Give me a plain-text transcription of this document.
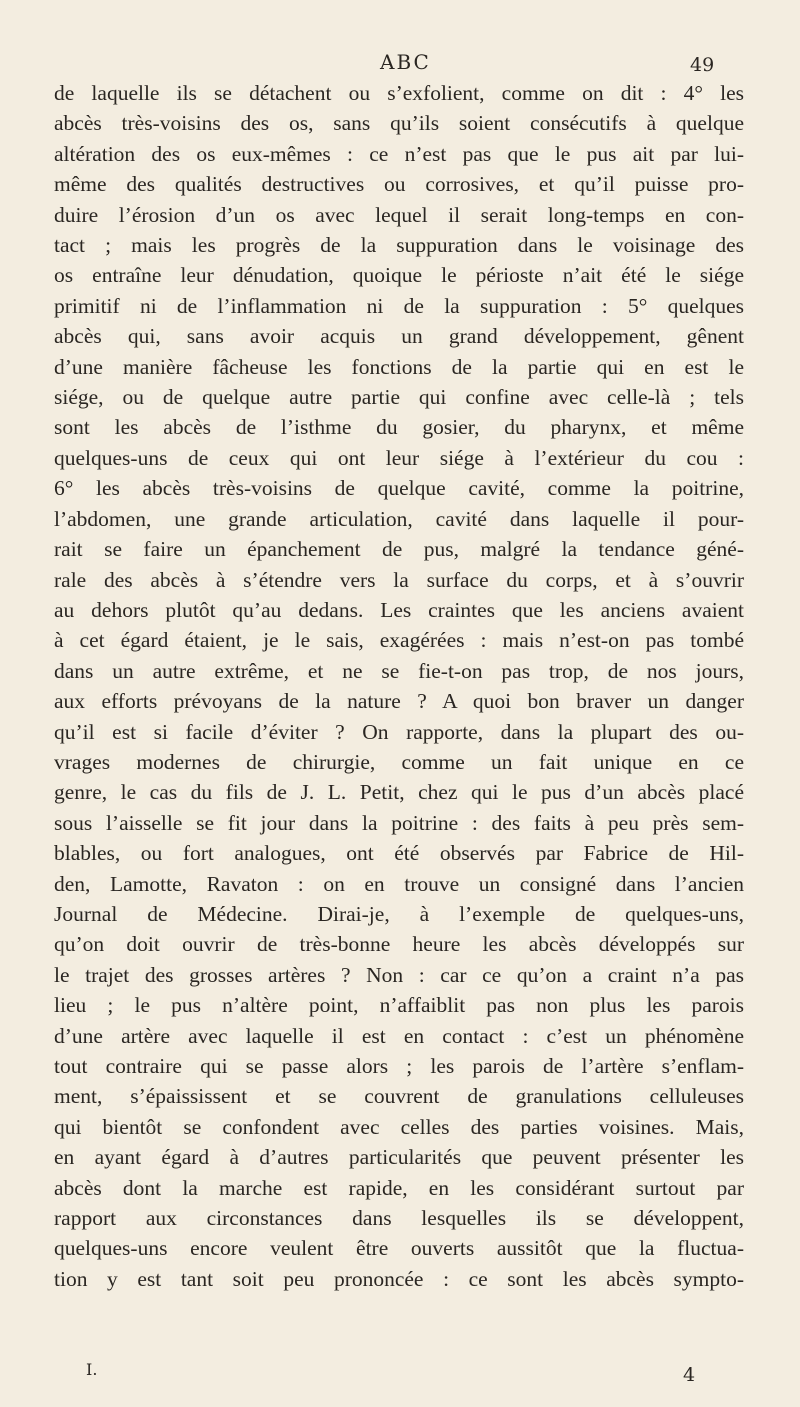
ABC	49
de laquelle ils se détachent ou s’exfolient, comme on dit : 4° les
abcès très-voisins des os, sans qu’ils soient consécutifs à quelque
altération des os eux-mêmes : ce n’est pas que le pus ait par lui-
même des qualités destructives ou corrosives, et qu’il puisse pro-
duire l’érosion d’un os avec lequel il serait long-temps en con-
tact ; mais les progrès de la suppuration dans le voisinage des
os entraîne leur dénudation, quoique le périoste n’ait été le siége
primitif ni de l’inflammation ni de la suppuration : 5° quelques
abcès qui, sans avoir acquis un grand développement, gênent
d’une manière fâcheuse les fonctions de la partie qui en est le
siége, ou de quelque autre partie qui confine avec celle-là ; tels
sont les abcès de l’isthme du gosier, du pharynx, et même
quelques-uns de ceux qui ont leur siége à l’extérieur du cou :
6° les abcès très-voisins de quelque cavité, comme la poitrine,
l’abdomen, une grande articulation, cavité dans laquelle il pour-
rait se faire un épanchement de pus, malgré la tendance géné-
rale des abcès à s’étendre vers la surface du corps, et à s’ouvrir
au dehors plutôt qu’au dedans. Les craintes que les anciens avaient
à cet égard étaient, je le sais, exagérées : mais n’est-on pas tombé
dans un autre extrême, et ne se fie-t-on pas trop, de nos jours,
aux efforts prévoyans de la nature ? A quoi bon braver un danger
qu’il est si facile d’éviter ? On rapporte, dans la plupart des ou-
vrages modernes de chirurgie, comme un fait unique en ce
genre, le cas du fils de J. L. Petit, chez qui le pus d’un abcès placé
sous l’aisselle se fit jour dans la poitrine : des faits à peu près sem-
blables, ou fort analogues, ont été observés par Fabrice de Hil-
den, Lamotte, Ravaton : on en trouve un consigné dans l’ancien
Journal de Médecine. Dirai-je, à l’exemple de quelques-uns,
qu’on doit ouvrir de très-bonne heure les abcès développés sur
le trajet des grosses artères ? Non : car ce qu’on a craint n’a pas
lieu ; le pus n’altère point, n’affaiblit pas non plus les parois
d’une artère avec laquelle il est en contact : c’est un phénomène
tout contraire qui se passe alors ; les parois de l’artère s’enflam-
ment, s’épaississent et se couvrent de granulations celluleuses
qui bientôt se confondent avec celles des parties voisines. Mais,
en ayant égard à d’autres particularités que peuvent présenter les
abcès dont la marche est rapide, en les considérant surtout par
rapport aux circonstances dans lesquelles ils se développent,
quelques-uns encore veulent être ouverts aussitôt que la fluctua-
tion y est tant soit peu prononcée : ce sont les abcès sympto-
I.	4
